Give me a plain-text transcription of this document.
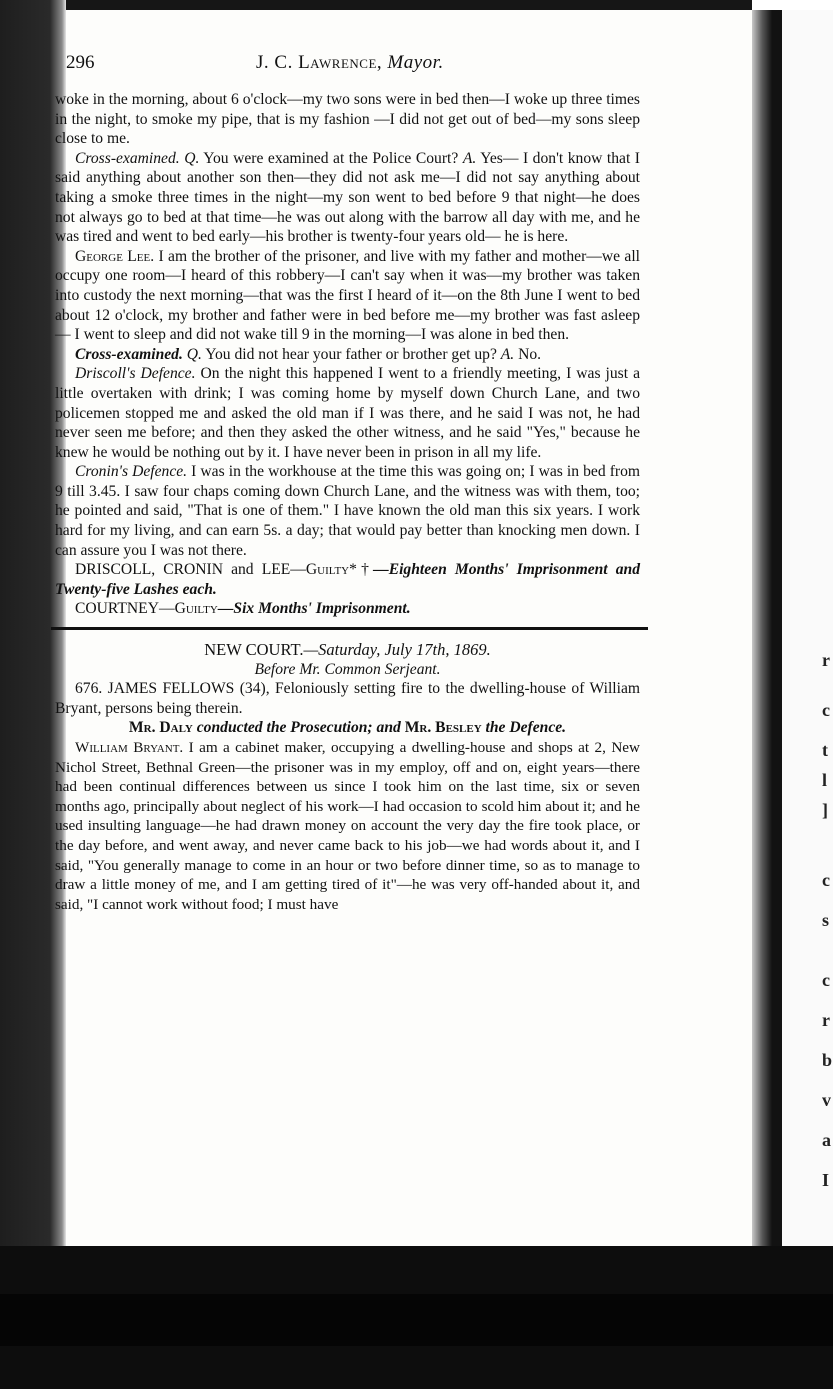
r
c
t
l
]
c
s
c
r
b
v
a
I
296	J. C. Lawrence, Mayor.

woke in the morning, about 6 o'clock—my two sons were in bed then—I woke up three times in the night, to smoke my pipe, that is my fashion —I did not get out of bed—my sons sleep close to me.

Cross-examined. Q. You were examined at the Police Court? A. Yes— I don't know that I said anything about another son then—they did not ask me—I did not say anything about taking a smoke three times in the night—my son went to bed before 9 that night—he does not always go to bed at that time—he was out along with the barrow all day with me, and he was tired and went to bed early—his brother is twenty-four years old— he is here.

George Lee. I am the brother of the prisoner, and live with my father and mother—we all occupy one room—I heard of this robbery—I can't say when it was—my brother was taken into custody the next morning—that was the first I heard of it—on the 8th June I went to bed about 12 o'clock, my brother and father were in bed before me—my brother was fast asleep— I went to sleep and did not wake till 9 in the morning—I was alone in bed then.

Cross-examined. Q. You did not hear your father or brother get up? A. No.

Driscoll's Defence. On the night this happened I went to a friendly meeting, I was just a little overtaken with drink; I was coming home by myself down Church Lane, and two policemen stopped me and asked the old man if I was there, and he said I was not, he had never seen me before; and then they asked the other witness, and he said "Yes," because he knew he would be nothing out by it. I have never been in prison in all my life.

Cronin's Defence. I was in the workhouse at the time this was going on; I was in bed from 9 till 3.45. I saw four chaps coming down Church Lane, and the witness was with them, too; he pointed and said, "That is one of them." I have known the old man this six years. I work hard for my living, and can earn 5s. a day; that would pay better than knocking men down. I can assure you I was not there.

DRISCOLL, CRONIN and LEE—Guilty*†—Eighteen Months' Imprisonment and Twenty-five Lashes each.

COURTNEY—Guilty—Six Months' Imprisonment.

NEW COURT.—Saturday, July 17th, 1869.

Before Mr. Common Serjeant.

676. JAMES FELLOWS (34), Feloniously setting fire to the dwelling-house of William Bryant, persons being therein.

Mr. Daly conducted the Prosecution; and Mr. Besley the Defence.

William Bryant. I am a cabinet maker, occupying a dwelling-house and shops at 2, New Nichol Street, Bethnal Green—the prisoner was in my employ, off and on, eight years—there had been continual differences between us since I took him on the last time, six or seven months ago, principally about neglect of his work—I had occasion to scold him about it; and he used insulting language—he had drawn money on account the very day the fire took place, or the day before, and went away, and never came back to his job—we had words about it, and I said, "You generally manage to come in an hour or two before dinner time, so as to manage to draw a little money of me, and I am getting tired of it"—he was very off-handed about it, and said, "I cannot work without food; I must have
